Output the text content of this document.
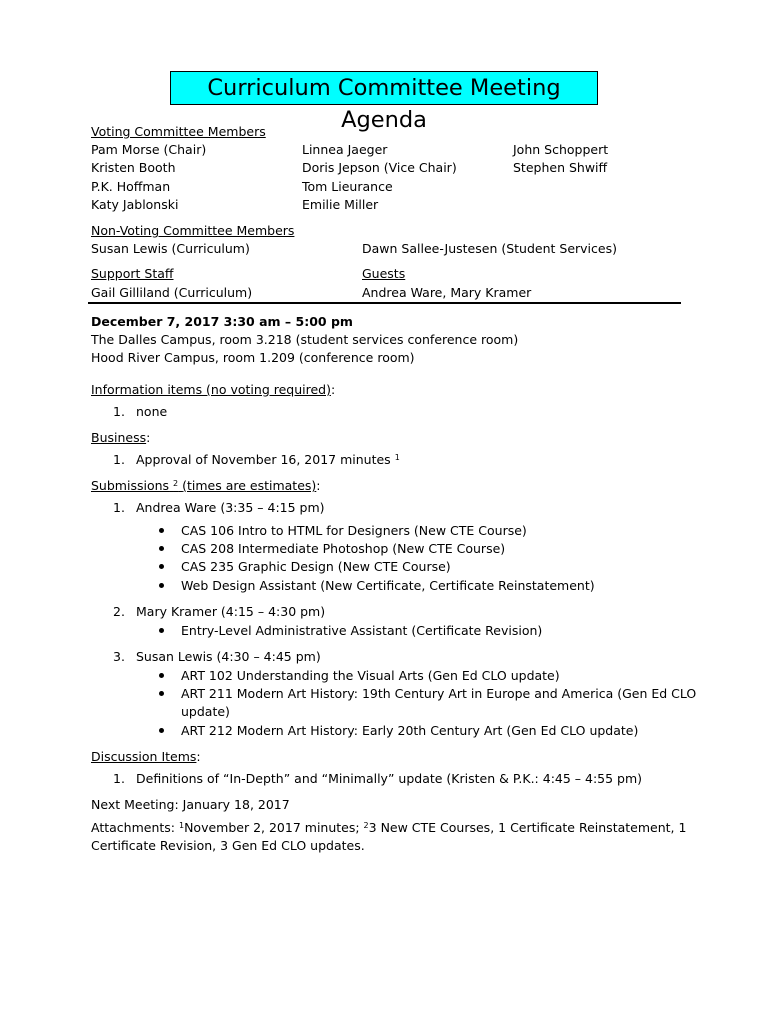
Curriculum Committee Meeting Agenda
Voting Committee Members
Pam Morse (Chair)
Kristen Booth
P.K. Hoffman
Katy Jablonski
Linnea Jaeger
Doris Jepson (Vice Chair)
Tom Lieurance
Emilie Miller
John Schoppert
Stephen Shwiff
Non-Voting Committee Members
Susan Lewis (Curriculum)	Dawn Sallee-Justesen (Student Services)
Support Staff
Gail Gilliland (Curriculum)
Guests
Andrea Ware, Mary Kramer
December 7, 2017 3:30 am – 5:00 pm
The Dalles Campus, room 3.218 (student services conference room)
Hood River Campus, room 1.209 (conference room)
Information items (no voting required):
1. none
Business:
1. Approval of November 16, 2017 minutes $^1$
Submissions $^2$ (times are estimates):
1. Andrea Ware (3:35 – 4:15 pm)
CAS 106 Intro to HTML for Designers (New CTE Course)
CAS 208 Intermediate Photoshop (New CTE Course)
CAS 235 Graphic Design (New CTE Course)
Web Design Assistant (New Certificate, Certificate Reinstatement)
2. Mary Kramer (4:15 – 4:30 pm)
Entry-Level Administrative Assistant (Certificate Revision)
3. Susan Lewis (4:30 – 4:45 pm)
ART 102 Understanding the Visual Arts (Gen Ed CLO update)
ART 211 Modern Art History: 19th Century Art in Europe and America (Gen Ed CLO
update)
ART 212 Modern Art History: Early 20th Century Art (Gen Ed CLO update)
Discussion Items:
1. Definitions of “In-Depth” and “Minimally” update (Kristen & P.K.: 4:45 – 4:55 pm)
Next Meeting: January 18, 2017
Attachments: $^1$November 2, 2017 minutes; $^2$3 New CTE Courses, 1 Certificate Reinstatement, 1
Certificate Revision, 3 Gen Ed CLO updates.
